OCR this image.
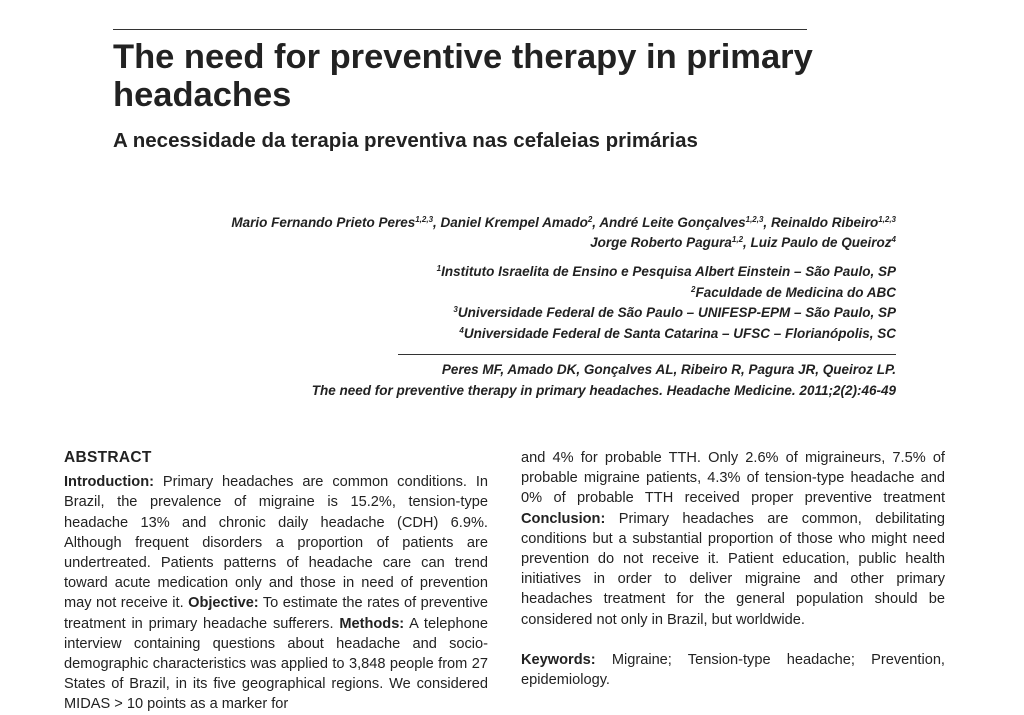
The need for preventive therapy in primary headaches
A necessidade da terapia preventiva nas cefaleias primárias

Mario Fernando Prieto Peres$^{1,2,3}$, Daniel Krempel Amado$^2$, André Leite Gonçalves$^{1,2,3}$, Reinaldo Ribeiro$^{1,2,3}$
Jorge Roberto Pagura$^{1,2}$, Luiz Paulo de Queiroz$^4$

$^1$Instituto Israelita de Ensino e Pesquisa Albert Einstein – São Paulo, SP
$^2$Faculdade de Medicina do ABC
$^3$Universidade Federal de São Paulo – UNIFESP-EPM – São Paulo, SP
$^4$Universidade Federal de Santa Catarina – UFSC – Florianópolis, SC

Peres MF, Amado DK, Gonçalves AL, Ribeiro R, Pagura JR, Queiroz LP.
The need for preventive therapy in primary headaches. Headache Medicine. 2011;2(2):46-49

ABSTRACT

Introduction: Primary headaches are common conditions. In Brazil, the prevalence of migraine is 15.2%, tension-type headache 13% and chronic daily headache (CDH) 6.9%. Although frequent disorders a proportion of patients are undertreated. Patients patterns of headache care can trend toward acute medication only and those in need of prevention may not receive it. Objective: To estimate the rates of preventive treatment in primary headache sufferers. Methods: A telephone interview containing questions about headache and socio-demographic characteristics was applied to 3,848 people from 27 States of Brazil, in its five geographical regions. We considered MIDAS > 10 points as a marker for

and 4% for probable TTH. Only 2.6% of migraineurs, 7.5% of probable migraine patients, 4.3% of tension-type headache and 0% of probable TTH received proper preventive treatment Conclusion: Primary headaches are common, debilitating conditions but a substantial proportion of those who might need prevention do not receive it. Patient education, public health initiatives in order to deliver migraine and other primary headaches treatment for the general population should be considered not only in Brazil, but worldwide.

Keywords: Migraine; Tension-type headache; Prevention, epidemiology.
